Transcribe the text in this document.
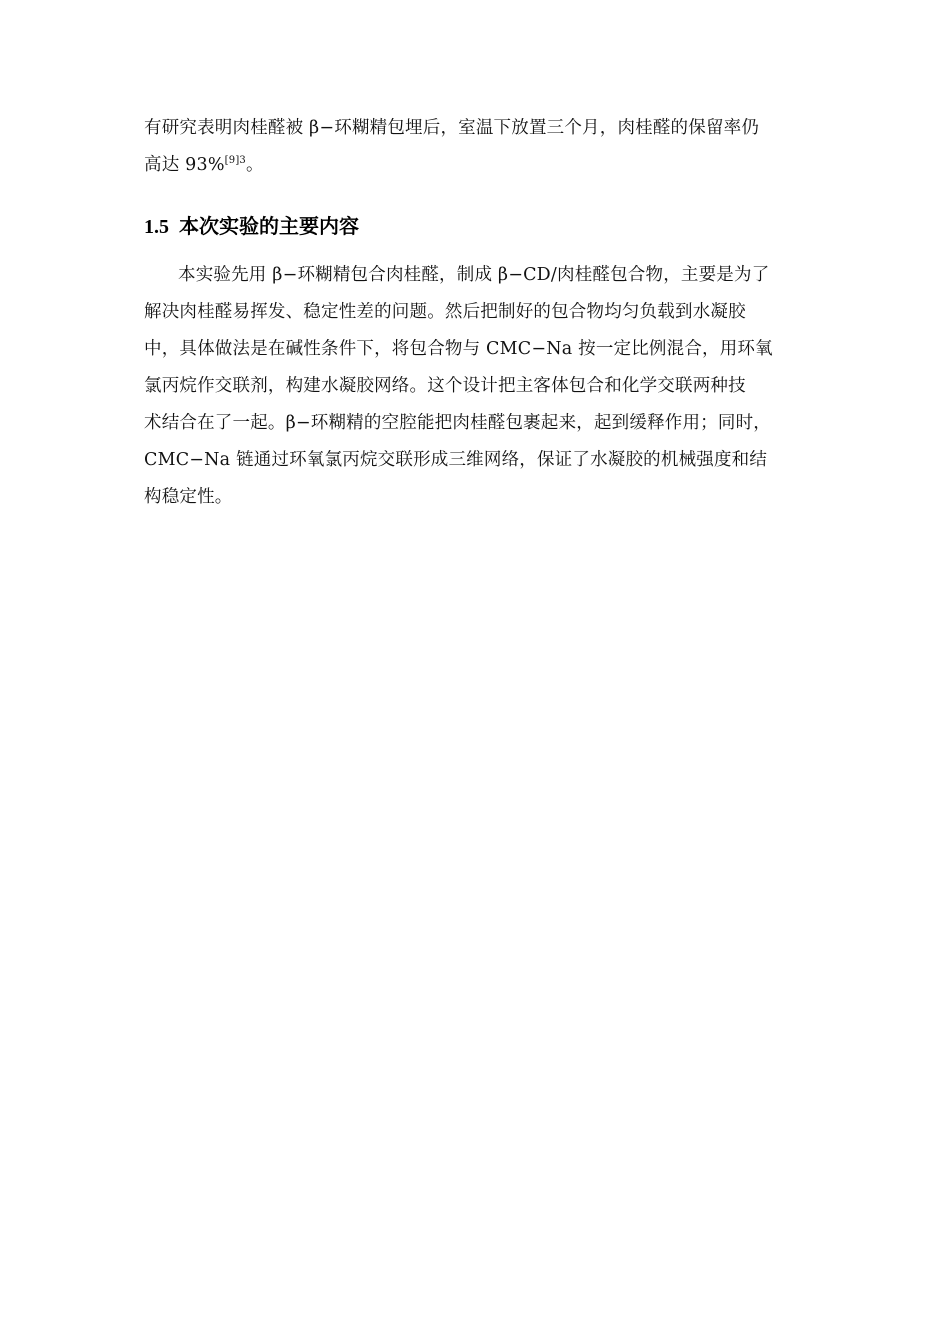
有研究表明肉桂醛被 β−环糊精包埋后，室温下放置三个月，肉桂醛的保留率仍
高达 93%$^{[9]3}$。
1.5 本次实验的主要内容
本实验先用 β−环糊精包合肉桂醛，制成 β−CD/肉桂醛包合物，主要是为了
解决肉桂醛易挥发、稳定性差的问题。然后把制好的包合物均匀负载到水凝胶
中，具体做法是在碱性条件下，将包合物与 CMC−Na 按一定比例混合，用环氧
氯丙烷作交联剂，构建水凝胶网络。这个设计把主客体包合和化学交联两种技
术结合在了一起。β−环糊精的空腔能把肉桂醛包裹起来，起到缓释作用；同时，
CMC−Na 链通过环氧氯丙烷交联形成三维网络，保证了水凝胶的机械强度和结
构稳定性。
